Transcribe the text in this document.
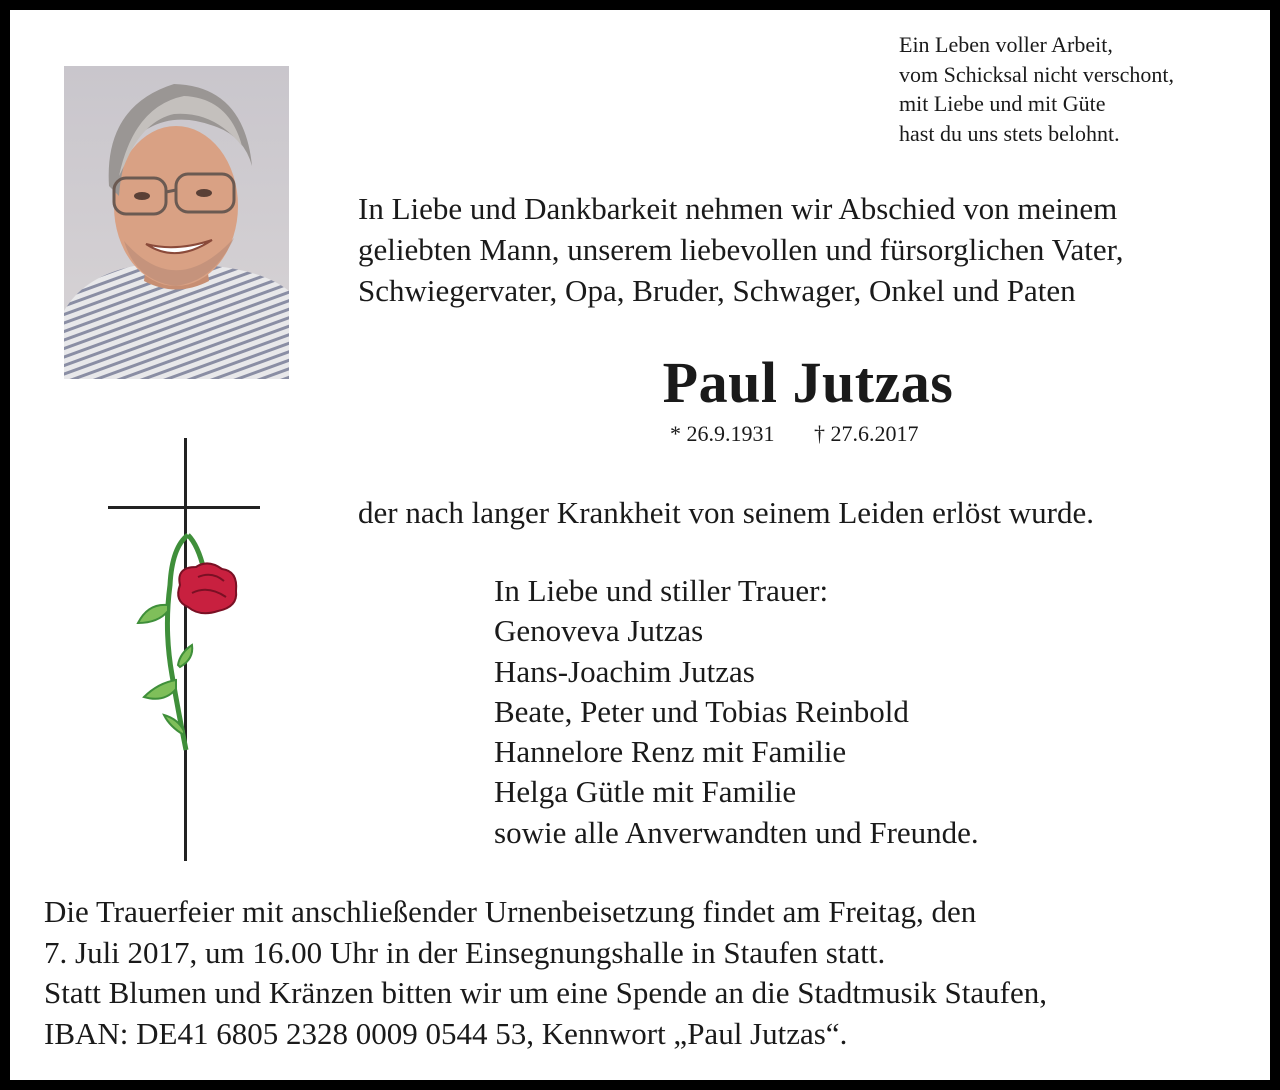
Ein Leben voller Arbeit,
vom Schicksal nicht verschont,
mit Liebe und mit Güte
hast du uns stets belohnt.
In Liebe und Dankbarkeit nehmen wir Abschied von meinem
geliebten Mann, unserem liebevollen und fürsorglichen Vater,
Schwiegervater, Opa, Bruder, Schwager, Onkel und Paten
Paul Jutzas
* 26.9.1931 † 27.6.2017
der nach langer Krankheit von seinem Leiden erlöst wurde.
In Liebe und stiller Trauer:
Genoveva Jutzas
Hans-Joachim Jutzas
Beate, Peter und Tobias Reinbold
Hannelore Renz mit Familie
Helga Gütle mit Familie
sowie alle Anverwandten und Freunde.
Die Trauerfeier mit anschließender Urnenbeisetzung findet am Freitag, den
7. Juli 2017, um 16.00 Uhr in der Einsegnungshalle in Staufen statt.
Statt Blumen und Kränzen bitten wir um eine Spende an die Stadtmusik Staufen,
IBAN: DE41 6805 2328 0009 0544 53, Kennwort „Paul Jutzas“.
